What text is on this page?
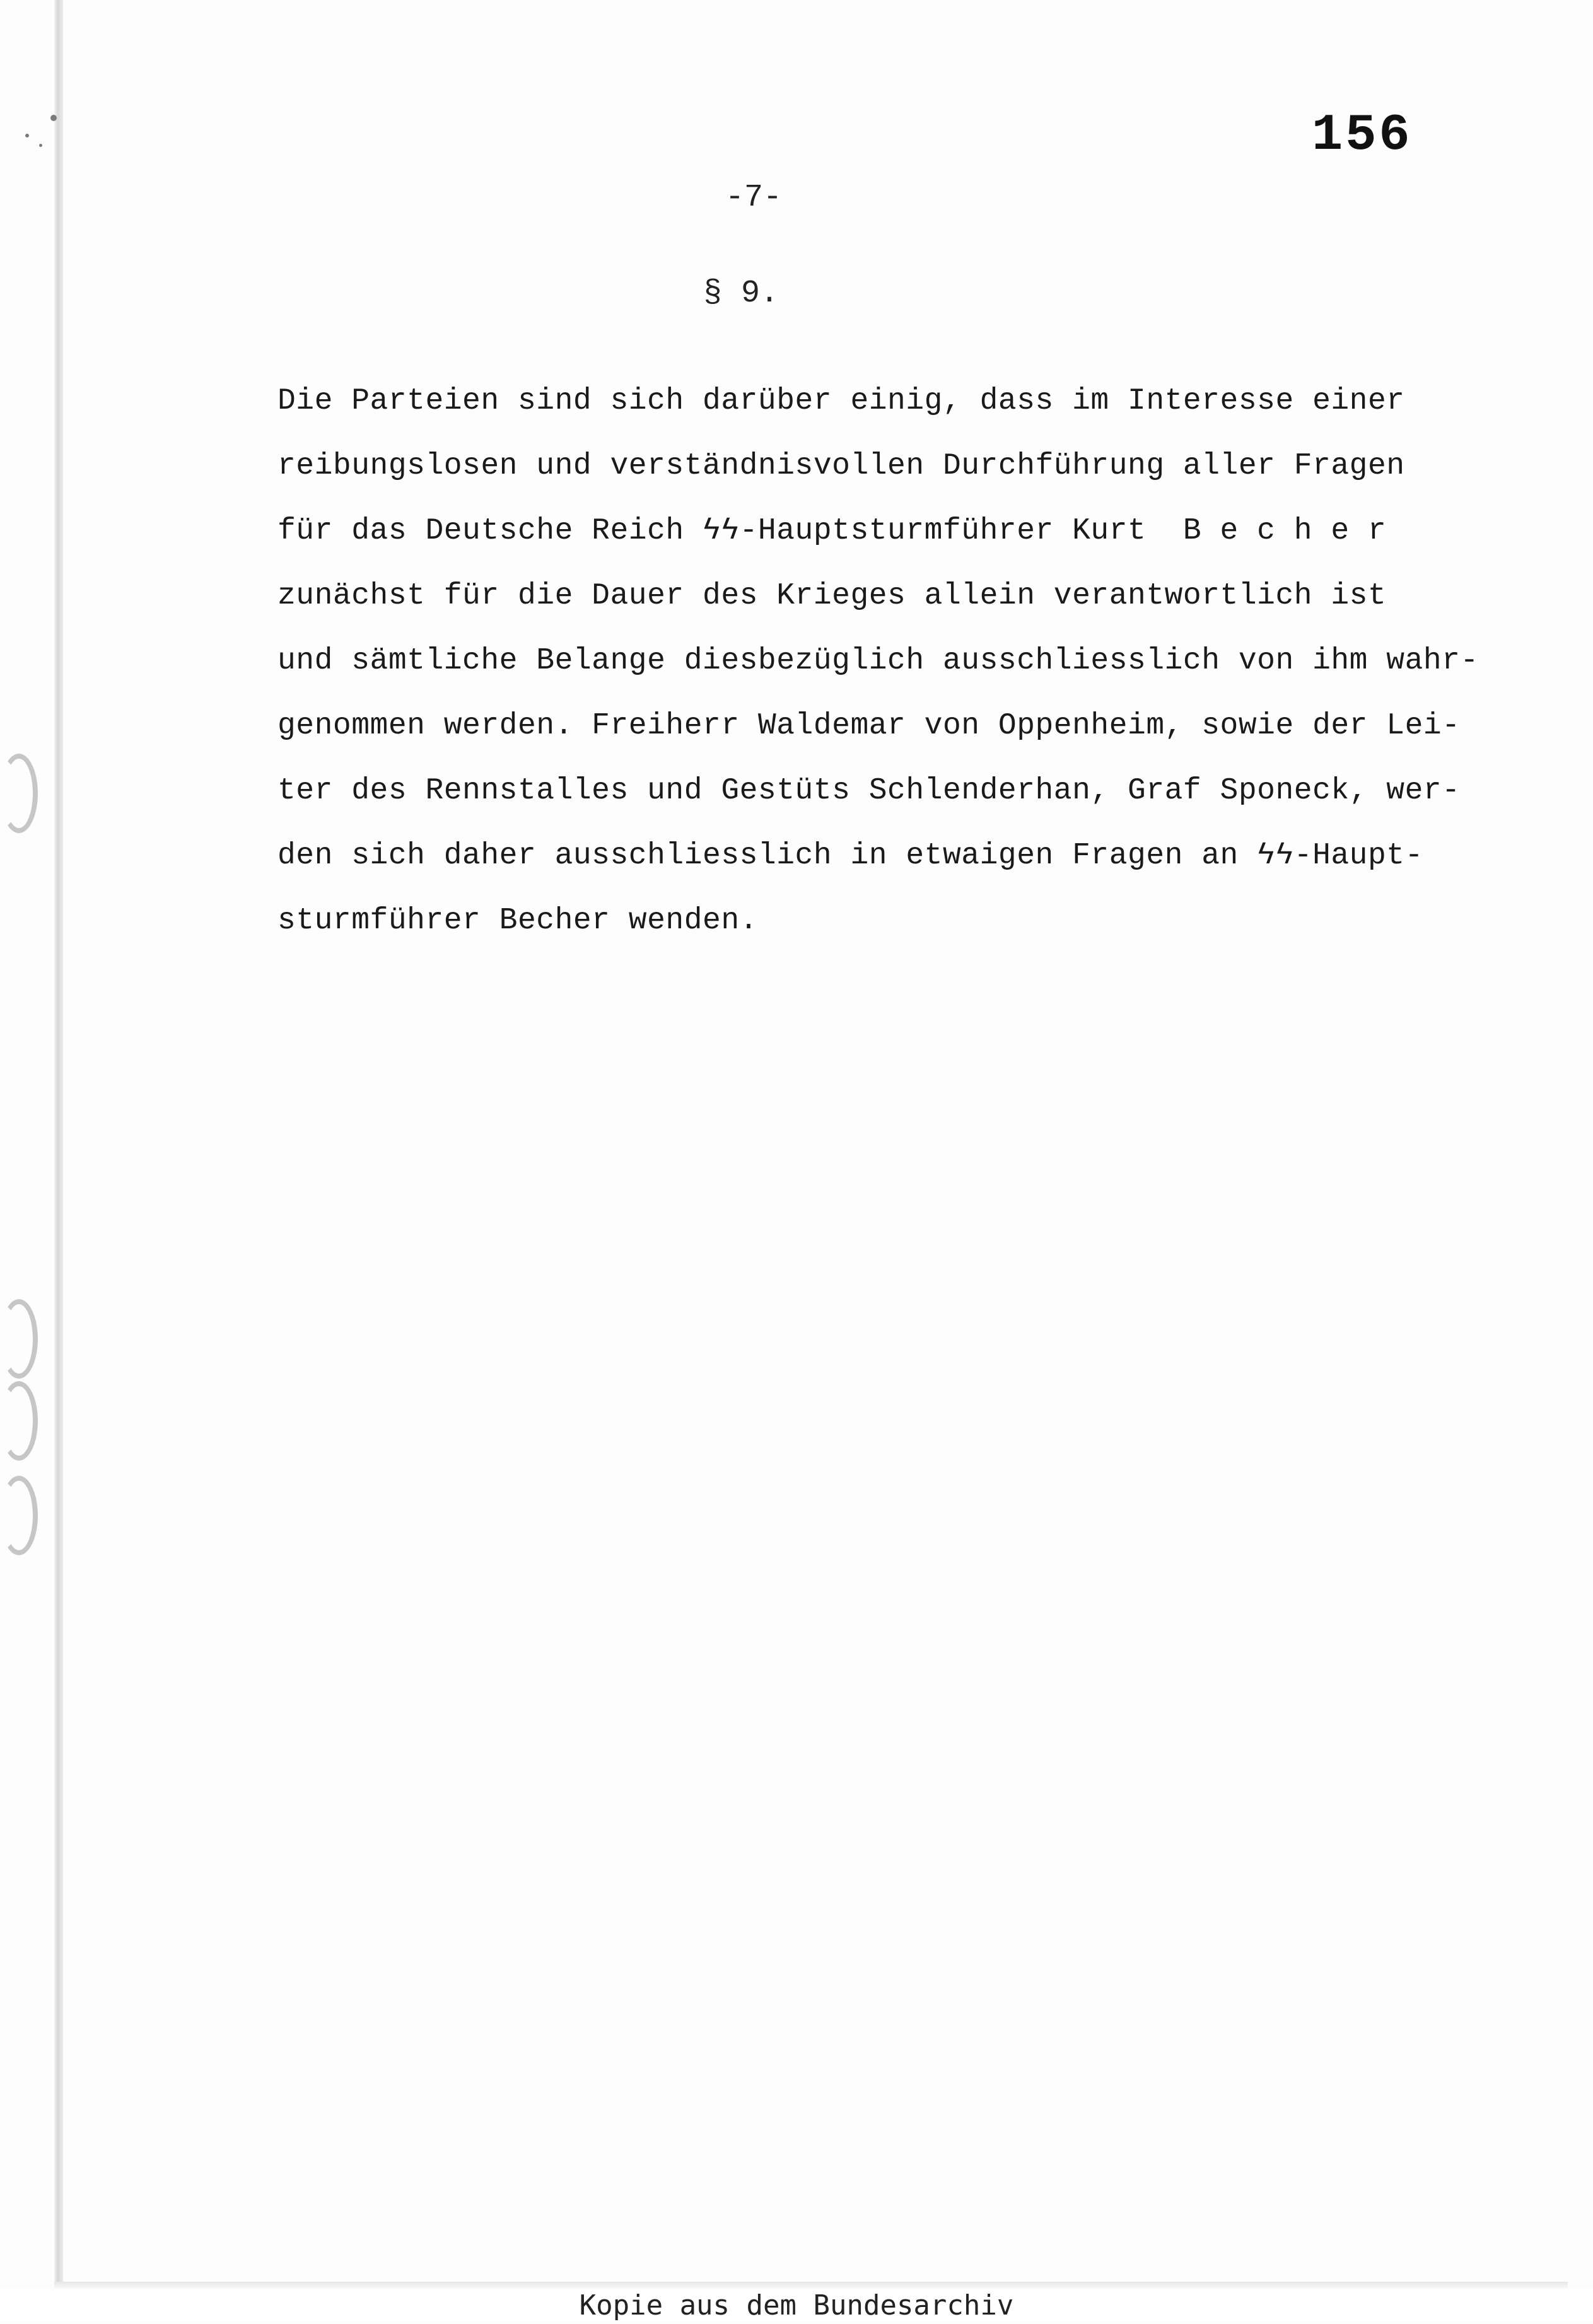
156
-7-
§ 9.
Die Parteien sind sich darüber einig, dass im Interesse einer
reibungslosen und verständnisvollen Durchführung aller Fragen
für das Deutsche Reich ϟϟ-Hauptsturmführer Kurt  B e c h e r
zunächst für die Dauer des Krieges allein verantwortlich ist
und sämtliche Belange diesbezüglich ausschliesslich von ihm wahr-
genommen werden. Freiherr Waldemar von Oppenheim, sowie der Lei-
ter des Rennstalles und Gestüts Schlenderhan, Graf Sponeck, wer-
den sich daher ausschliesslich in etwaigen Fragen an ϟϟ-Haupt-
sturmführer Becher wenden.
Kopie aus dem Bundesarchiv
